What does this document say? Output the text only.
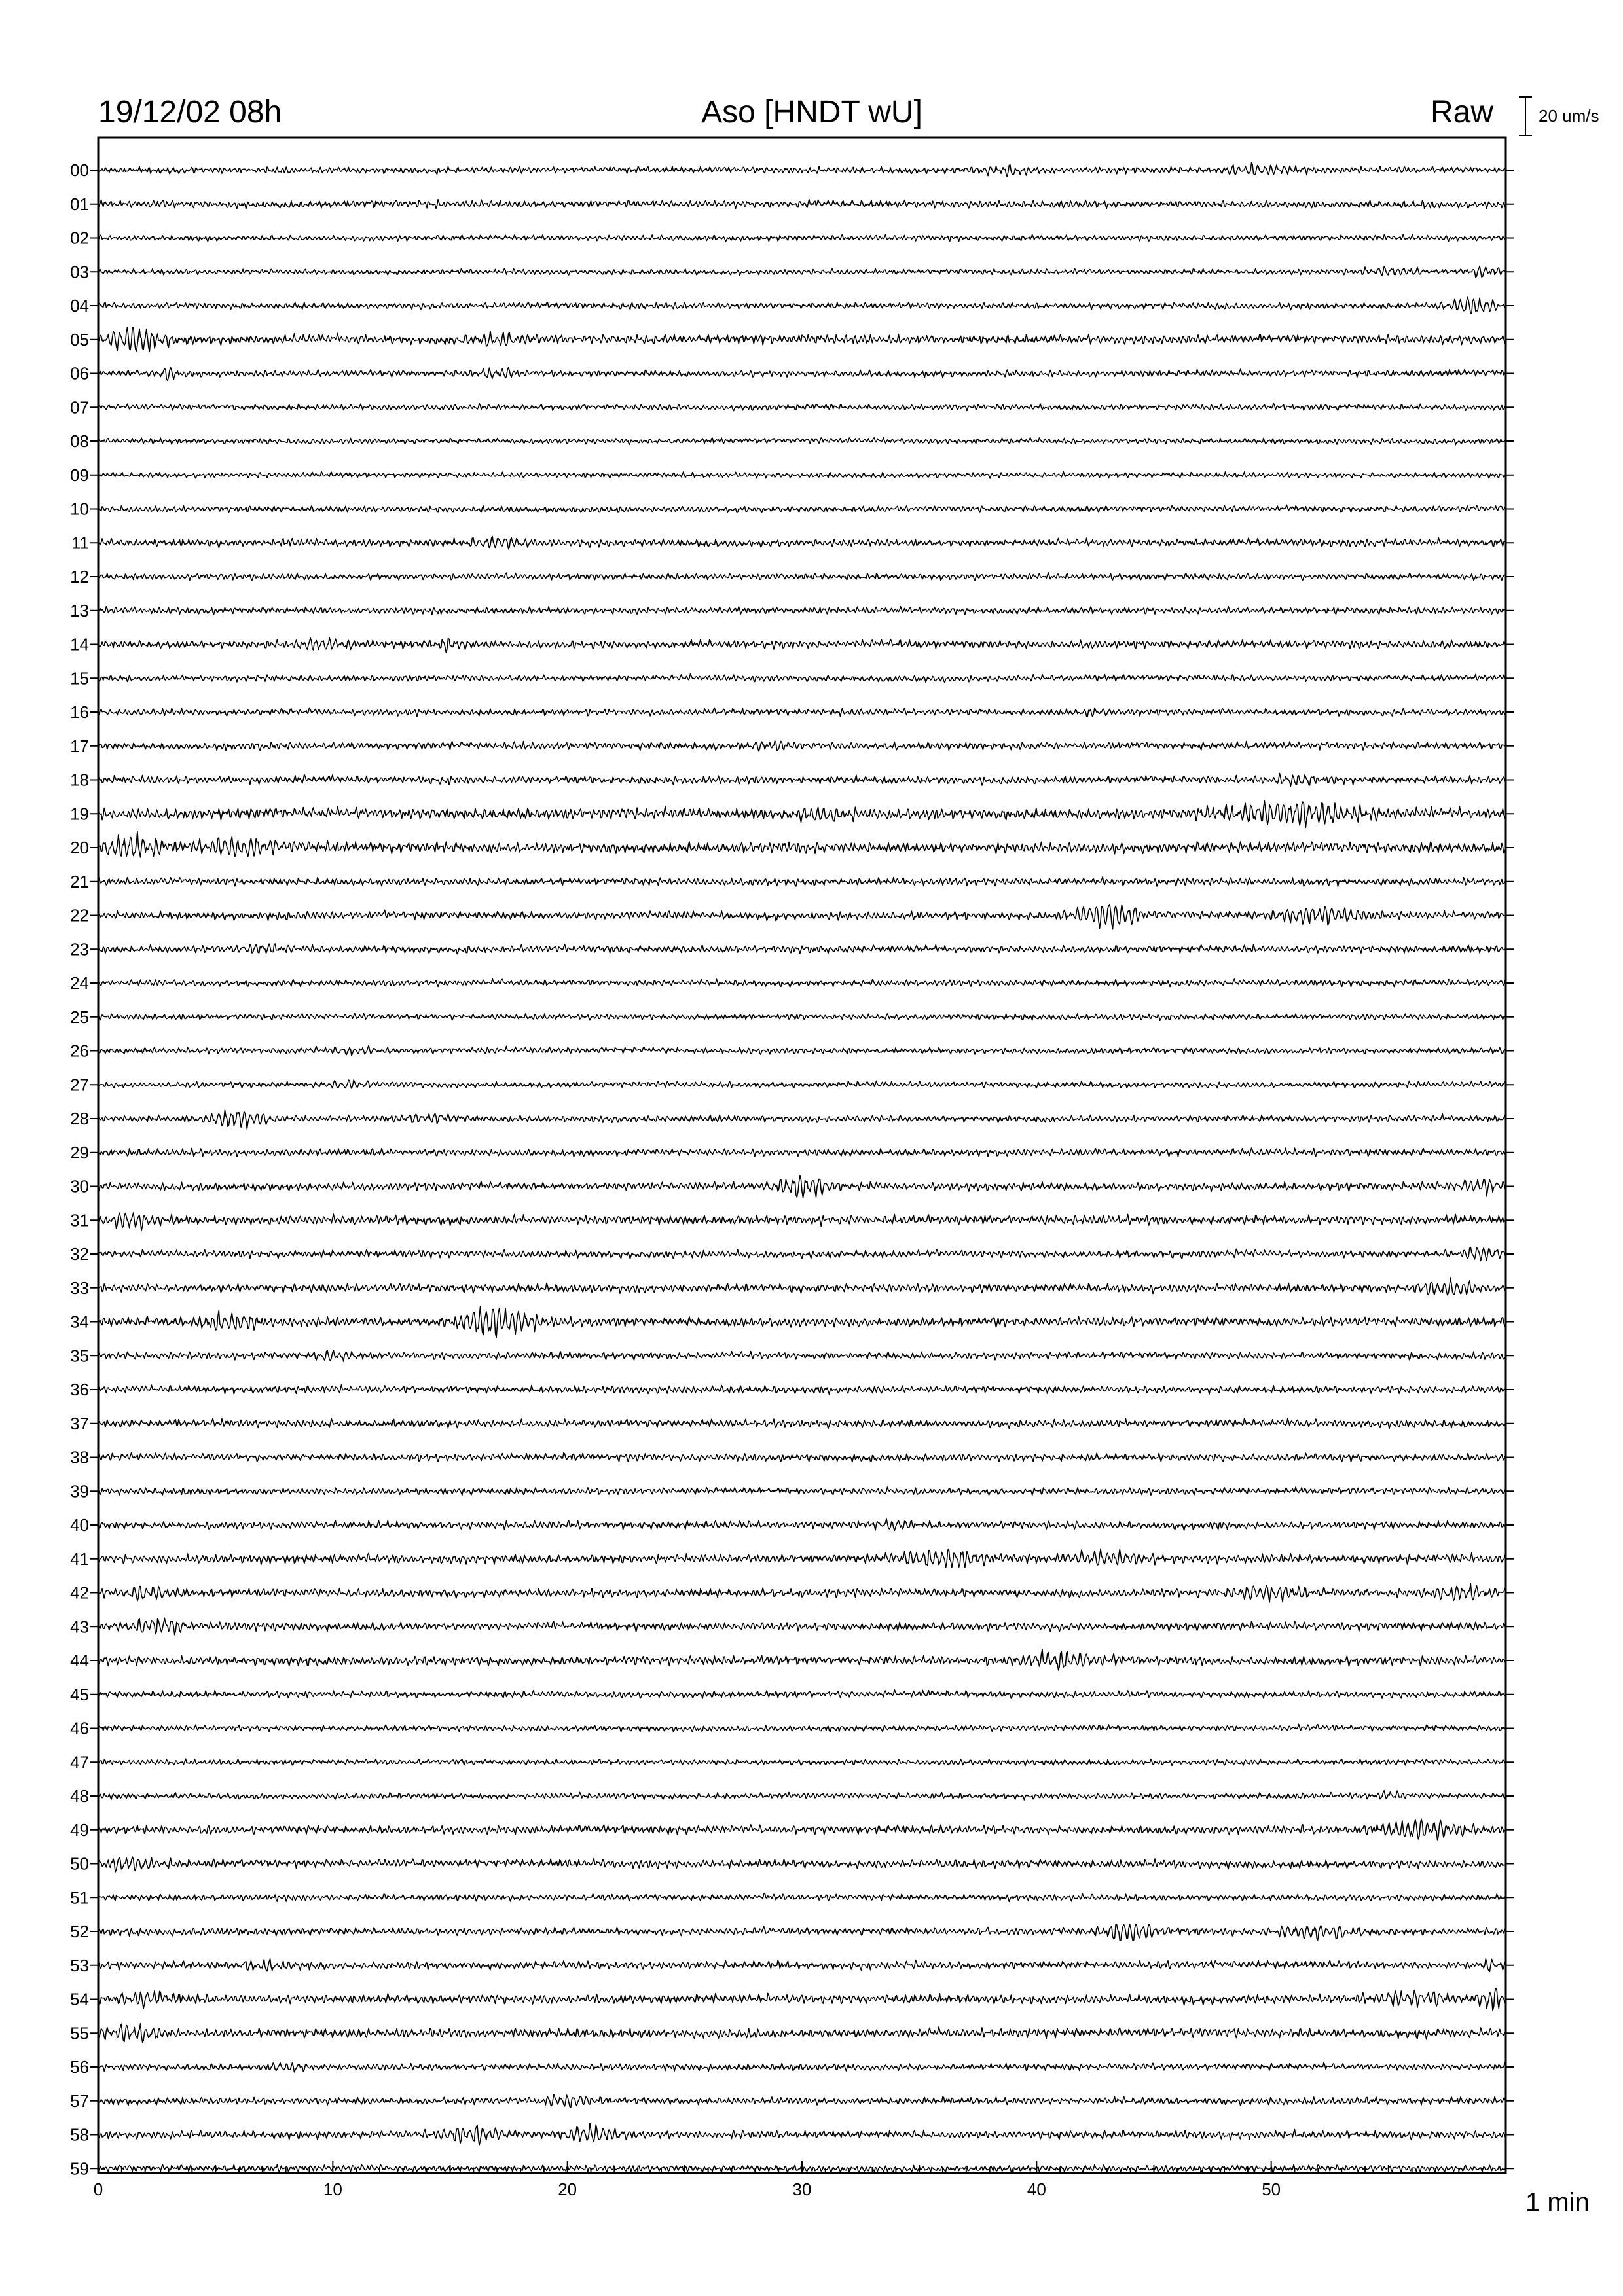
19/12/02 08h	Aso [HNDT wU]	Raw	20 um/s
1 min
00
01
02
03
04
05
06
07
08
09
10
11
12
13
14
15
16
17
18
19
20
21
22
23
24
25
26
27
28
29
30
31
32
33
34
35
36
37
38
39
40
41
42
43
44
45
46
47
48
49
50
51
52
53
54
55
56
57
58
59
0	10	20	30	40	50
